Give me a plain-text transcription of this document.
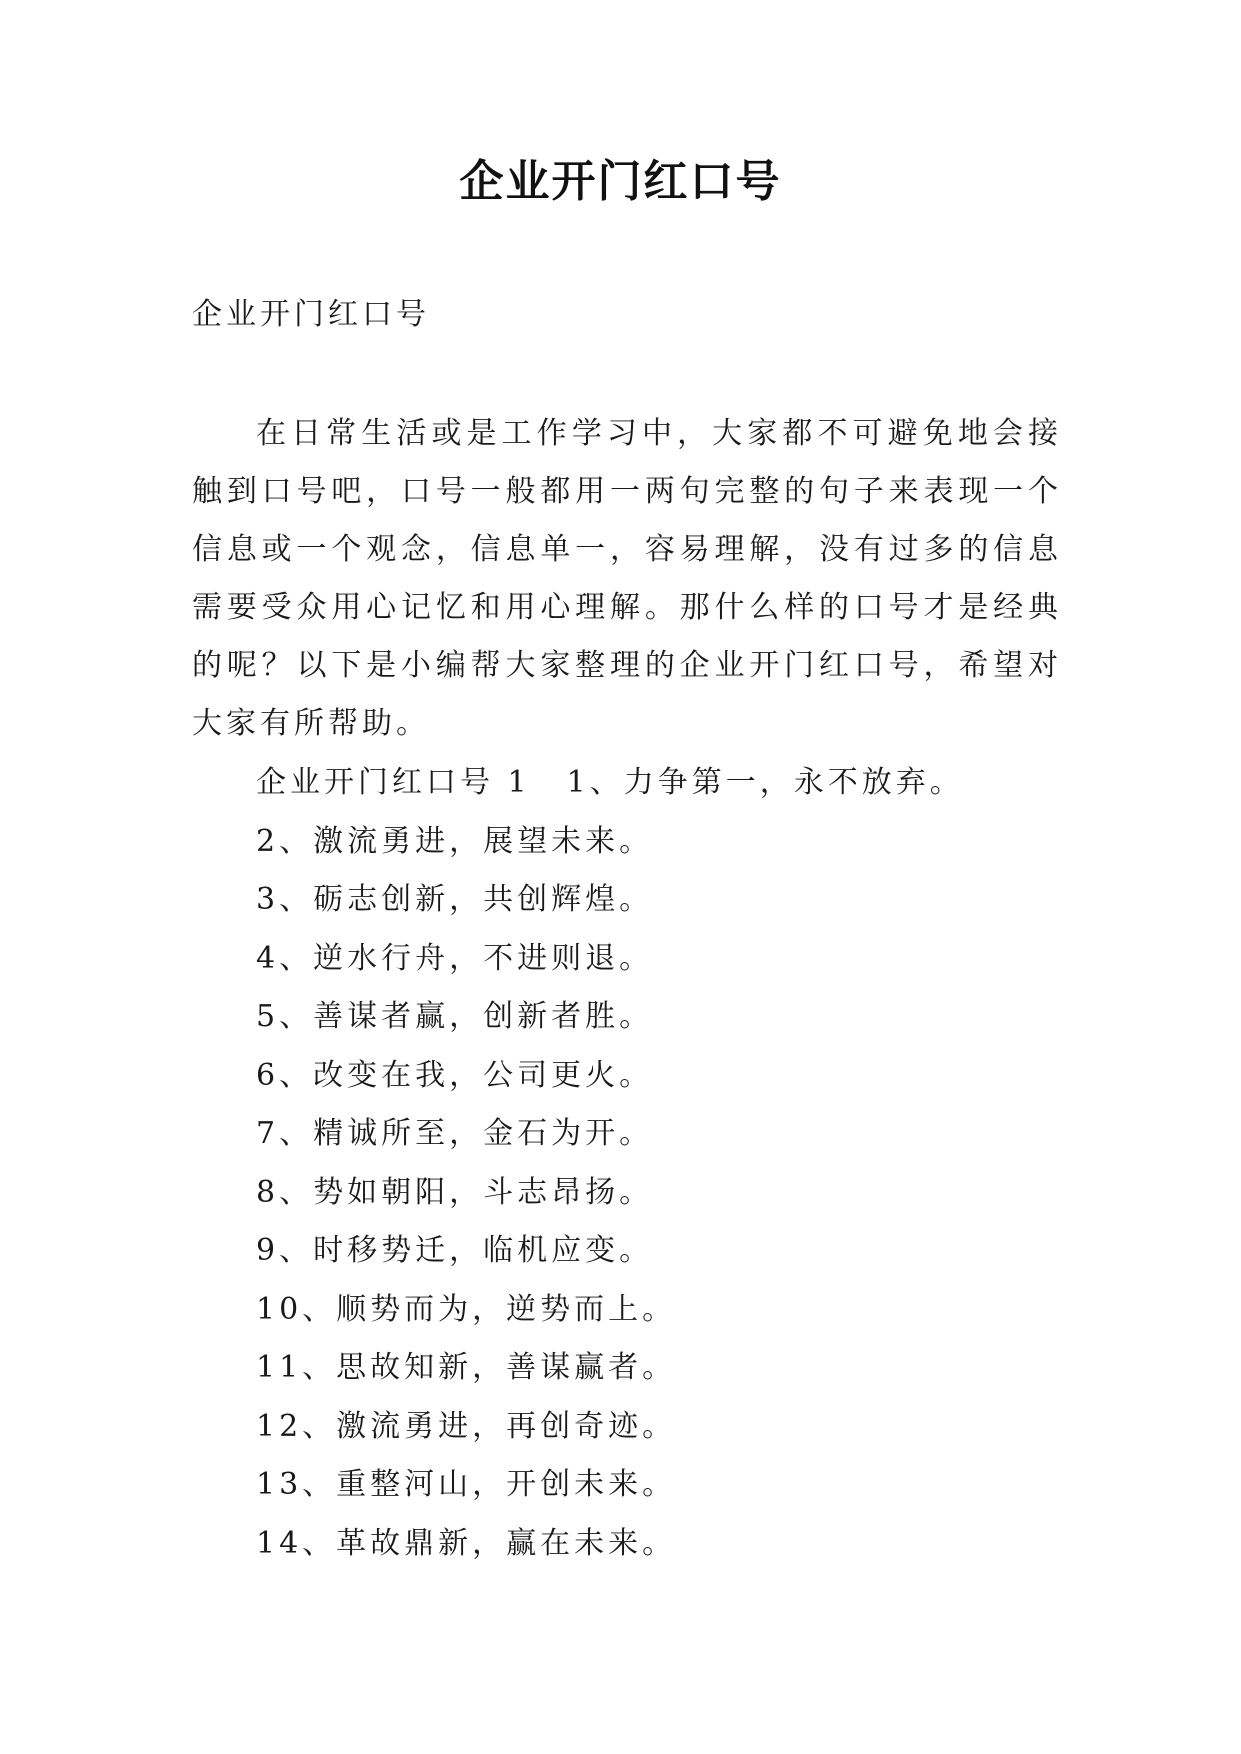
企业开门红口号
企业开门红口号

在日常生活或是工作学习中，大家都不可避免地会接触到口号吧，口号一般都用一两句完整的句子来表现一个信息或一个观念，信息单一，容易理解，没有过多的信息需要受众用心记忆和用心理解。那什么样的口号才是经典的呢？以下是小编帮大家整理的企业开门红口号，希望对大家有所帮助。

企业开门红口号 1 1、力争第一，永不放弃。
2、激流勇进，展望未来。
3、砺志创新，共创辉煌。
4、逆水行舟，不进则退。
5、善谋者赢，创新者胜。
6、改变在我，公司更火。
7、精诚所至，金石为开。
8、势如朝阳，斗志昂扬。
9、时移势迁，临机应变。
10、顺势而为，逆势而上。
11、思故知新，善谋赢者。
12、激流勇进，再创奇迹。
13、重整河山，开创未来。
14、革故鼎新，赢在未来。
